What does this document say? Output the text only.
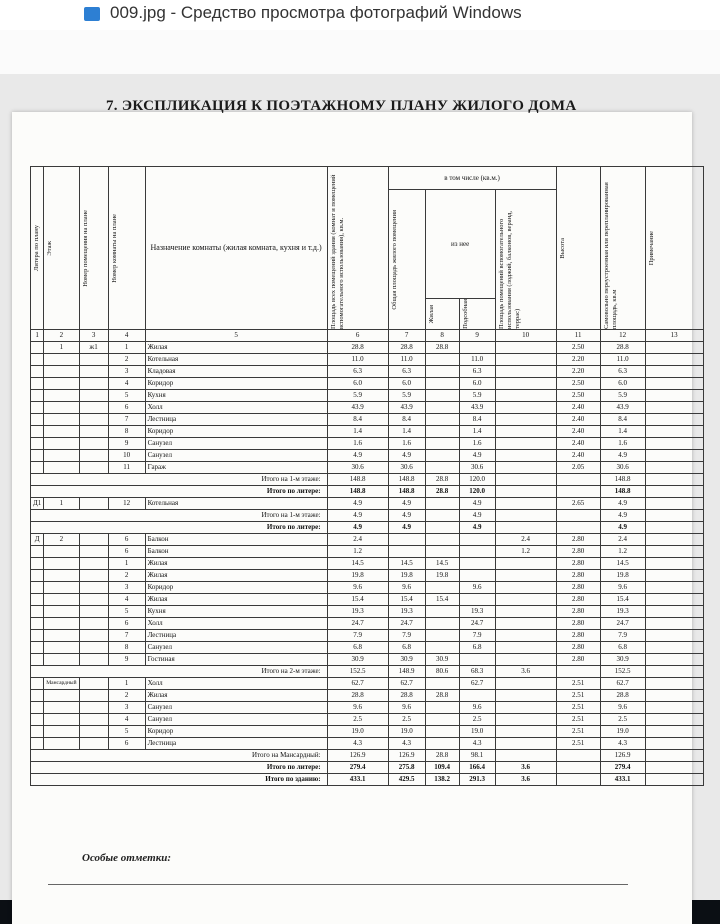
009.jpg - Средство просмотра фотографий Windows
7. ЭКСПЛИКАЦИЯ К ПОЭТАЖНОМУ ПЛАНУ ЖИЛОГО ДОМА
Литера по плану	Этаж	Номер помещения на плане	Номер комнаты на плане	Назначение комнаты (жилая комната, кухня и т.д.)	Площадь всех помещений здания (комнат и помещений вспомогательного использования), кв.м.	в том числе (кв.м.)				Высота	Самовольно переустроенная или перепланированная площадь, кв.м	Примечание

						Общая площадь жилого помещения	из нее		Площадь помещений вспомогательного использования (лоджий, балконов, веранд, террас)			

							Жилая	Подсобная				

1	2	3	4	5	6	7	8	9	10	11	12	13
	1	ж1	1	Жилая	28.8	28.8	28.8			2.50	28.8	
			2	Котельная	11.0	11.0		11.0		2.20	11.0	
			3	Кладовая	6.3	6.3		6.3		2.20	6.3	
			4	Коридор	6.0	6.0		6.0		2.50	6.0	
			5	Кухня	5.9	5.9		5.9		2.50	5.9	
			6	Холл	43.9	43.9		43.9		2.40	43.9	
			7	Лестница	8.4	8.4		8.4		2.40	8.4	
			8	Коридор	1.4	1.4		1.4		2.40	1.4	
			9	Санузел	1.6	1.6		1.6		2.40	1.6	
			10	Санузел	4.9	4.9		4.9		2.40	4.9	
			11	Гараж	30.6	30.6		30.6		2.05	30.6	
Итого на 1-м этаже:					148.8	148.8	28.8	120.0			148.8	
Итого по литере:					148.8	148.8	28.8	120.0			148.8	
Д1	1		12	Котельная	4.9	4.9		4.9		2.65	4.9	
Итого на 1-м этаже:					4.9	4.9		4.9			4.9	
Итого по литере:					4.9	4.9		4.9			4.9	
Д	2		6	Балкон	2.4				2.4	2.80	2.4	
			6	Балкон	1.2				1.2	2.80	1.2	
			1	Жилая	14.5	14.5	14.5			2.80	14.5	
			2	Жилая	19.8	19.8	19.8			2.80	19.8	
			3	Коридор	9.6	9.6		9.6		2.80	9.6	
			4	Жилая	15.4	15.4	15.4			2.80	15.4	
			5	Кухня	19.3	19.3		19.3		2.80	19.3	
			6	Холл	24.7	24.7		24.7		2.80	24.7	
			7	Лестница	7.9	7.9		7.9		2.80	7.9	
			8	Санузел	6.8	6.8		6.8		2.80	6.8	
			9	Гостиная	30.9	30.9	30.9			2.80	30.9	
Итого на 2-м этаже:					152.5	148.9	80.6	68.3	3.6		152.5	
	Мансардный		1	Холл	62.7	62.7		62.7		2.51	62.7	
			2	Жилая	28.8	28.8	28.8			2.51	28.8	
			3	Санузел	9.6	9.6		9.6		2.51	9.6	
			4	Санузел	2.5	2.5		2.5		2.51	2.5	
			5	Коридор	19.0	19.0		19.0		2.51	19.0	
			6	Лестница	4.3	4.3		4.3		2.51	4.3	
Итого на Мансардный:					126.9	126.9	28.8	98.1			126.9	
Итого по литере:					279.4	275.8	109.4	166.4	3.6		279.4	
Итого по зданию:					433.1	429.5	138.2	291.3	3.6		433.1	
Особые отметки:
